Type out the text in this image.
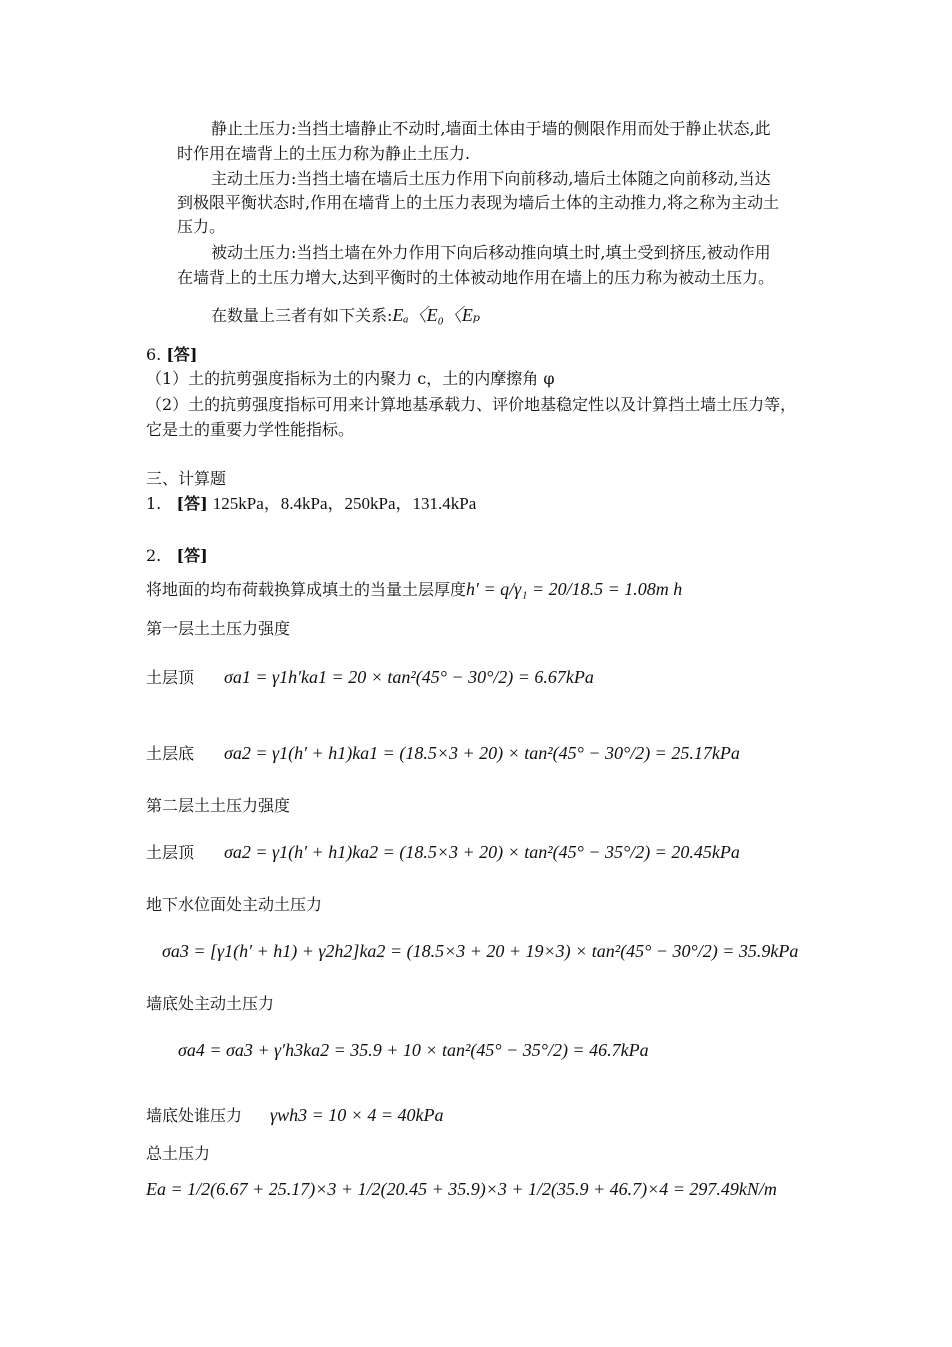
静止土压力:当挡土墙静止不动时,墙面土体由于墙的侧限作用而处于静止状态,此
时作用在墙背上的土压力称为静止土压力.
主动土压力:当挡土墙在墙后土压力作用下向前移动,墙后土体随之向前移动,当达
到极限平衡状态时,作用在墙背上的土压力表现为墙后土体的主动推力,将之称为主动土
压力。
被动土压力:当挡土墙在外力作用下向后移动推向填土时,填土受到挤压,被动作用
在墙背上的土压力增大,达到平衡时的土体被动地作用在墙上的压力称为被动土压力。
在数量上三者有如下关系:Eₐ〈E₀〈Eₚ
6. [答]
（1）土的抗剪强度指标为土的内聚力 c，土的内摩擦角 φ
（2）土的抗剪强度指标可用来计算地基承载力、评价地基稳定性以及计算挡土墙土压力等，
它是土的重要力学性能指标。
三、计算题
1. [答] 125kPa，8.4kPa，250kPa，131.4kPa
2. [答]
将地面的均布荷载换算成填土的当量土层厚度h′ = q/γ₁ = 20/18.5 = 1.08m h
第一层土土压力强度
土层顶 σa1 = γ1h′ka1 = 20 × tan²(45° − 30°/2) = 6.67kPa
土层底 σa2 = γ1(h′ + h1)ka1 = (18.5×3 + 20) × tan²(45° − 30°/2) = 25.17kPa
第二层土土压力强度
土层顶 σa2 = γ1(h′ + h1)ka2 = (18.5×3 + 20) × tan²(45° − 35°/2) = 20.45kPa
地下水位面处主动土压力
σa3 = [γ1(h′ + h1) + γ2h2]ka2 = (18.5×3 + 20 + 19×3) × tan²(45° − 30°/2) = 35.9kPa
墙底处主动土压力
σa4 = σa3 + γ′h3ka2 = 35.9 + 10 × tan²(45° − 35°/2) = 46.7kPa
墙底处谁压力 γwh3 = 10 × 4 = 40kPa
总土压力
Ea = 1/2(6.67 + 25.17)×3 + 1/2(20.45 + 35.9)×3 + 1/2(35.9 + 46.7)×4 = 297.49kN/m
